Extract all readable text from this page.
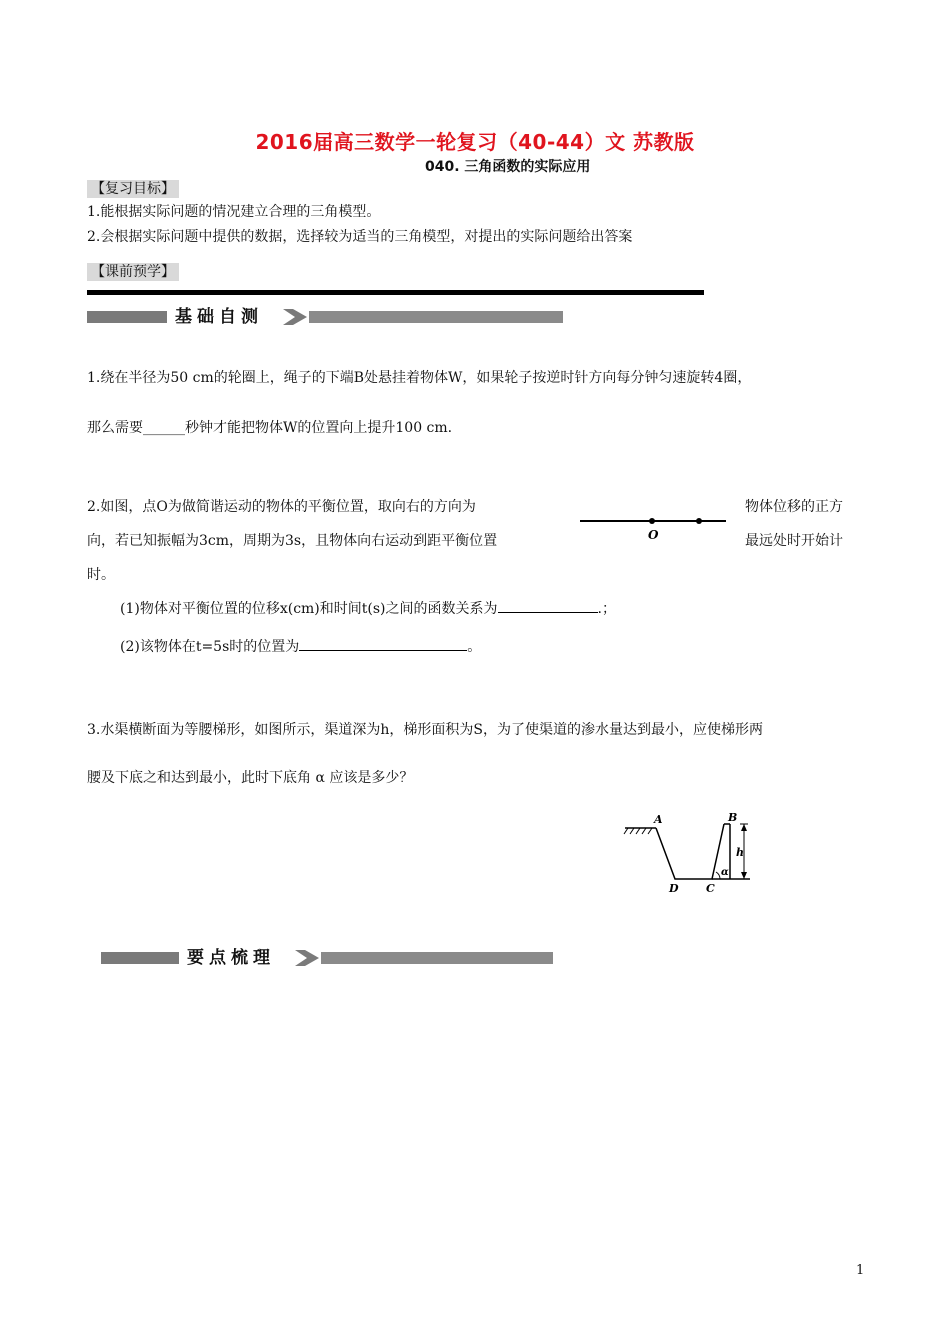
2016届高三数学一轮复习（40-44）文 苏教版
040. 三角函数的实际应用
【复习目标】
1.能根据实际问题的情况建立合理的三角模型。
2.会根据实际问题中提供的数据，选择较为适当的三角模型，对提出的实际问题给出答案
【课前预学】
基础自测
1.绕在半径为50 cm的轮圈上，绳子的下端B处悬挂着物体W，如果轮子按逆时针方向每分钟匀速旋转4圈，
那么需要______秒钟才能把物体W的位置向上提升100 cm.
2.如图，点O为做简谐运动的物体的平衡位置，取向右的方向为	物体位移的正方
向，若已知振幅为3cm，周期为3s，且物体向右运动到距平衡位置	最远处时开始计
时。
O
(1)物体对平衡位置的位移x(cm)和时间t(s)之间的函数关系为	.；
(2)该物体在t=5s时的位置为	。
3.水渠横断面为等腰梯形，如图所示，渠道深为h，梯形面积为S，为了使渠道的渗水量达到最小，应使梯形两
腰及下底之和达到最小，此时下底角 α 应该是多少？
A	B
C
D
h
α
要点梳理
1
